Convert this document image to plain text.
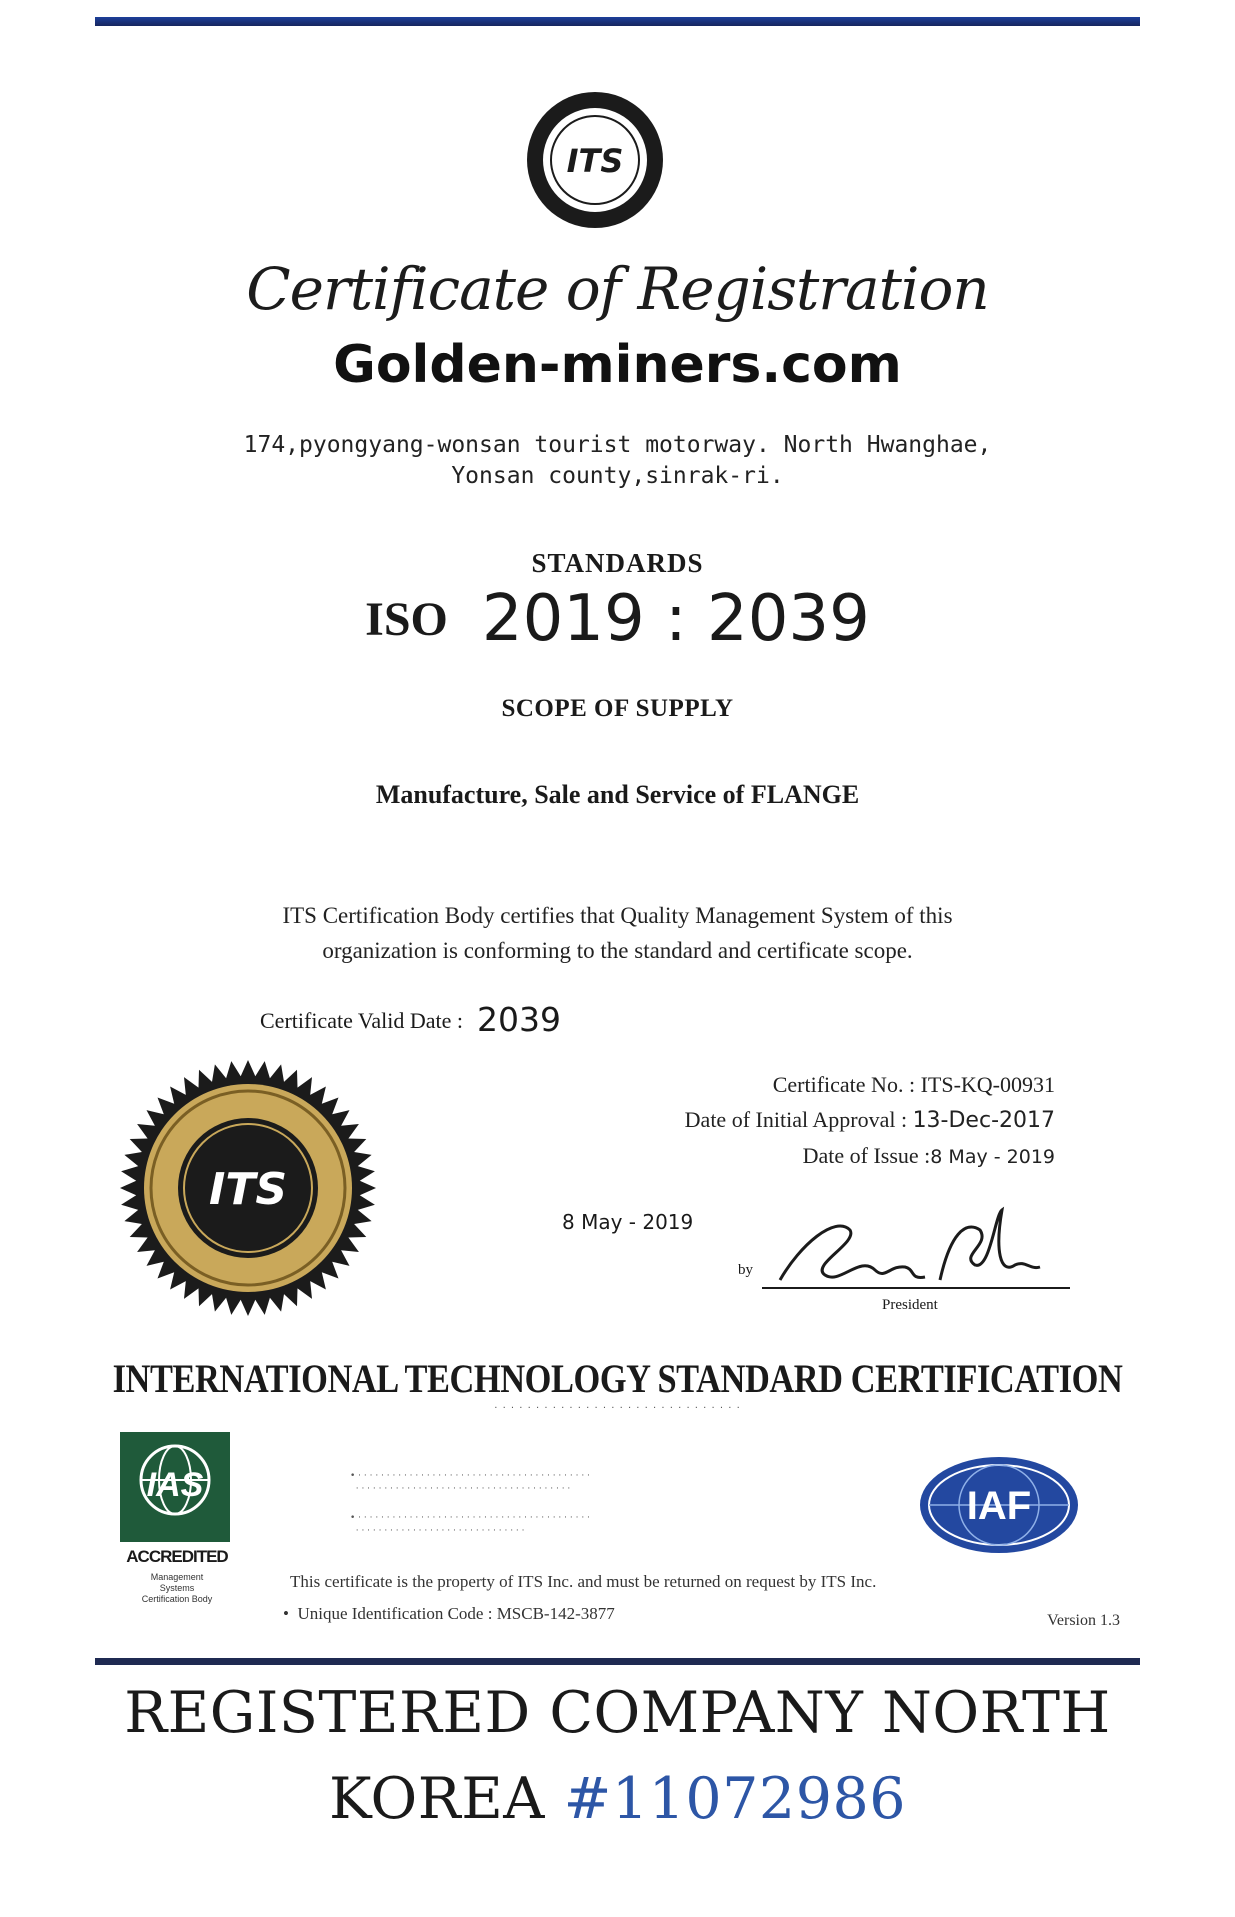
ITS
Certificate of Registration
Golden-miners.com
174,pyongyang-wonsan tourist motorway. North Hwanghae,
Yonsan county,sinrak-ri.
STANDARDS
ISO 2019 : 2039
SCOPE OF SUPPLY
Manufacture, Sale and Service of FLANGE
ITS Certification Body certifies that Quality Management System of this
organization is conforming to the standard and certificate scope.
Certificate Valid Date : 2039
ITS
Certificate No. : ITS-KQ-00931
Date of Initial Approval : 13-Dec-2017
Date of Issue :8 May - 2019
8 May - 2019
by
President
INTERNATIONAL TECHNOLOGY STANDARD CERTIFICATION
· · · · · · · · · · · · · · · · · · · · · · · · · · · · · ·
IAS
ACCREDITED
Management
Systems
Certification Body
• · · · · · · · · · · · · · · · · · · · · · · · · · · · · · · · · · · · · · · · · ·
· · · · · · · · · · · · · · · · · · · · · · · · · · · · · · · · · · · · · ·
• · · · · · · · · · · · · · · · · · · · · · · · · · · · · · · · · · · · · · · · · ·
· · · · · · · · · · · · · · · · · · · · · · · · · · · · · ·
IAF
This certificate is the property of ITS Inc. and must be returned on request by ITS Inc.
•  Unique Identification Code : MSCB-142-3877	Version 1.3
REGISTERED COMPANY NORTH
KOREA #11072986
